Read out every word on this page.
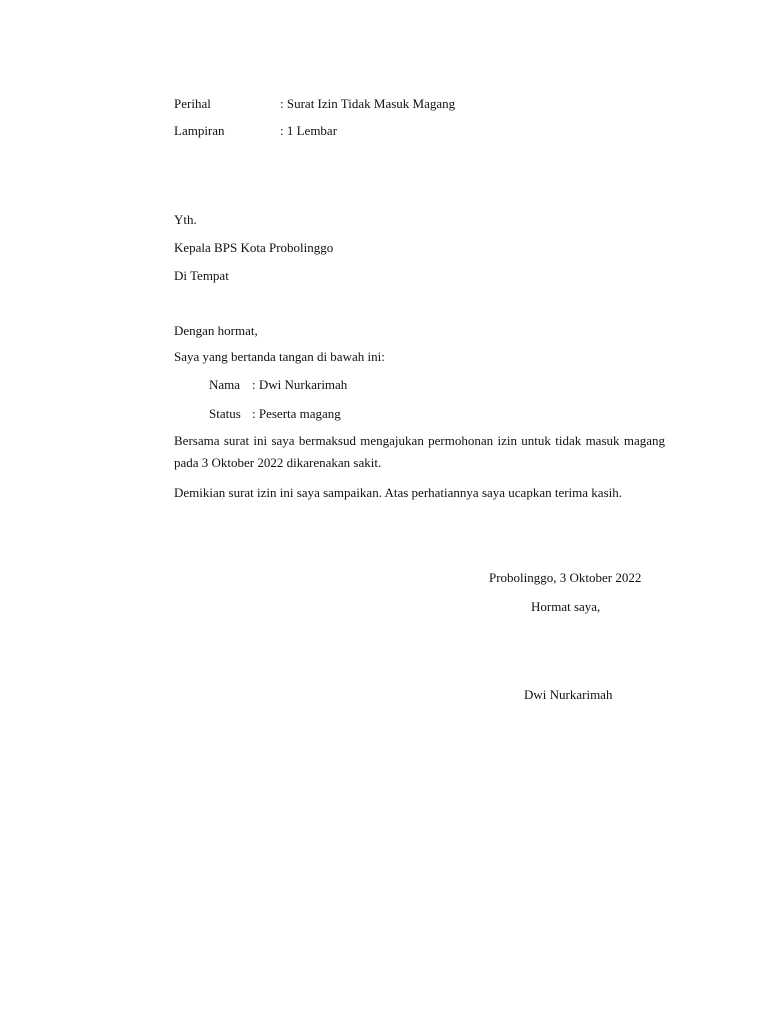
Perihal	: Surat Izin Tidak Masuk Magang
Lampiran	: 1 Lembar
Yth.
Kepala BPS Kota Probolinggo
Di Tempat
Dengan hormat,
Saya yang bertanda tangan di bawah ini:
Nama : Dwi Nurkarimah
Status : Peserta magang
Bersama surat ini saya bermaksud mengajukan permohonan izin untuk tidak masuk magang pada 3 Oktober 2022 dikarenakan sakit.
Demikian surat izin ini saya sampaikan. Atas perhatiannya saya ucapkan terima kasih.
Probolinggo, 3 Oktober 2022
Hormat saya,
Dwi Nurkarimah
